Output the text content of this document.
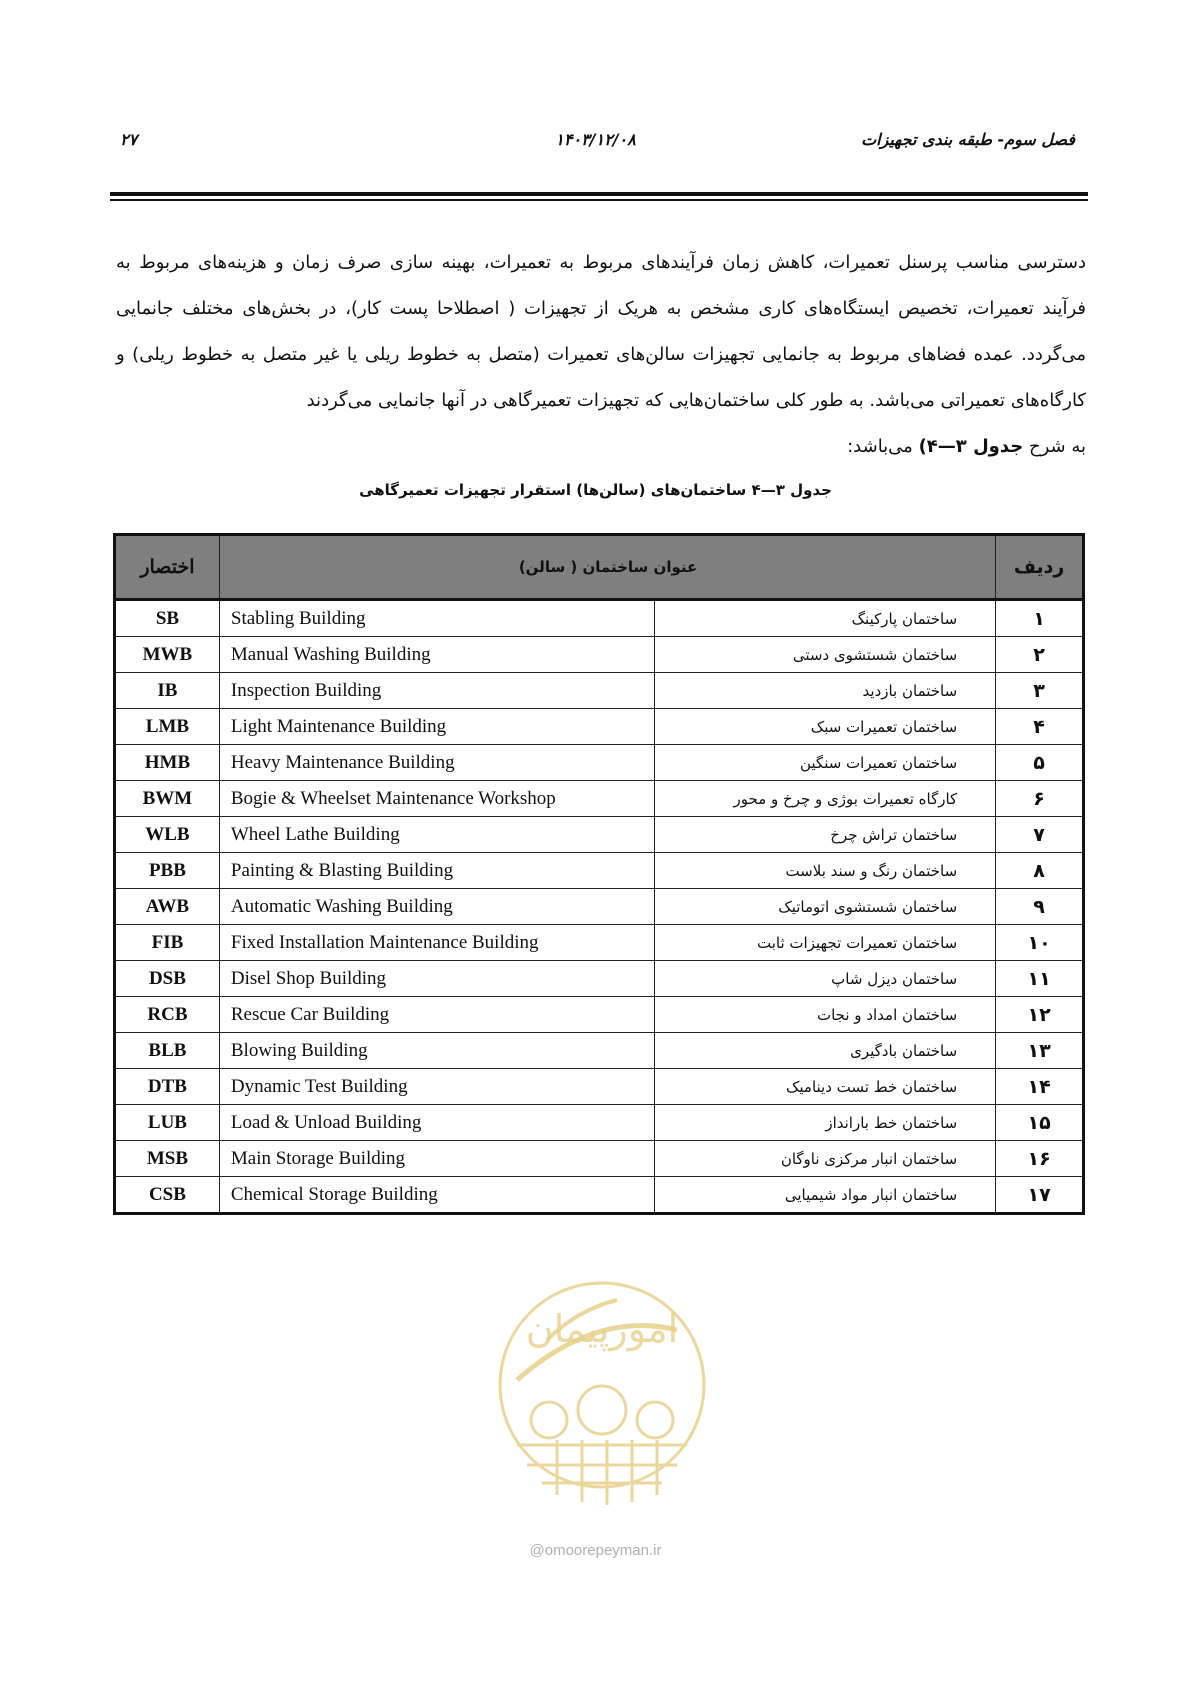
فصل سوم- طبقه بندی تجهیزات
۱۴۰۳/۱۲/۰۸
۲۷

دسترسی مناسب پرسنل تعمیرات، کاهش زمان فرآیندهای مربوط به تعمیرات، بهینه سازی صرف زمان و هزینه‌های مربوط به فرآیند تعمیرات، تخصیص ایستگاه‌های کاری مشخص به هریک از تجهیزات ( اصطلاحا پست کار)، در بخش‌های مختلف جانمایی می‌گردد. عمده فضاهای مربوط به جانمایی تجهیزات سالن‌های تعمیرات (متصل به خطوط ریلی یا غیر متصل به خطوط ریلی) و کارگاه‌های تعمیراتی می‌باشد. به طور کلی ساختمان‌هایی که تجهیزات تعمیرگاهی در آنها جانمایی می‌گردند

به شرح جدول ۳—۴) می‌باشد:

جدول ۳—۴ ساختمان‌های (سالن‌ها) استقرار تجهیزات تعمیرگاهی
اختصار	عنوان ساختمان ( سالن)		ردیف
SB	Stabling Building	ساختمان پارکینگ	۱
MWB	Manual Washing Building	ساختمان شستشوی دستی	۲
IB	Inspection Building	ساختمان بازدید	۳
LMB	Light Maintenance Building	ساختمان تعمیرات سبک	۴
HMB	Heavy Maintenance Building	ساختمان تعمیرات سنگین	۵
BWM	Bogie & Wheelset Maintenance Workshop	کارگاه تعمیرات بوژی و چرخ و محور	۶
WLB	Wheel Lathe Building	ساختمان تراش چرخ	۷
PBB	Painting & Blasting Building	ساختمان رنگ و سند بلاست	۸
AWB	Automatic Washing Building	ساختمان شستشوی اتوماتیک	۹
FIB	Fixed Installation Maintenance Building	ساختمان تعمیرات تجهیزات ثابت	۱۰
DSB	Disel Shop Building	ساختمان دیزل شاپ	۱۱
RCB	Rescue Car Building	ساختمان امداد و نجات	۱۲
BLB	Blowing Building	ساختمان بادگیری	۱۳
DTB	Dynamic Test Building	ساختمان خط تست دینامیک	۱۴
LUB	Load & Unload Building	ساختمان خط بارانداز	۱۵
MSB	Main Storage Building	ساختمان انبار مرکزی ناوگان	۱۶
CSB	Chemical Storage Building	ساختمان انبار مواد شیمیایی	۱۷
امورپیمان
@omoorepeyman.ir
